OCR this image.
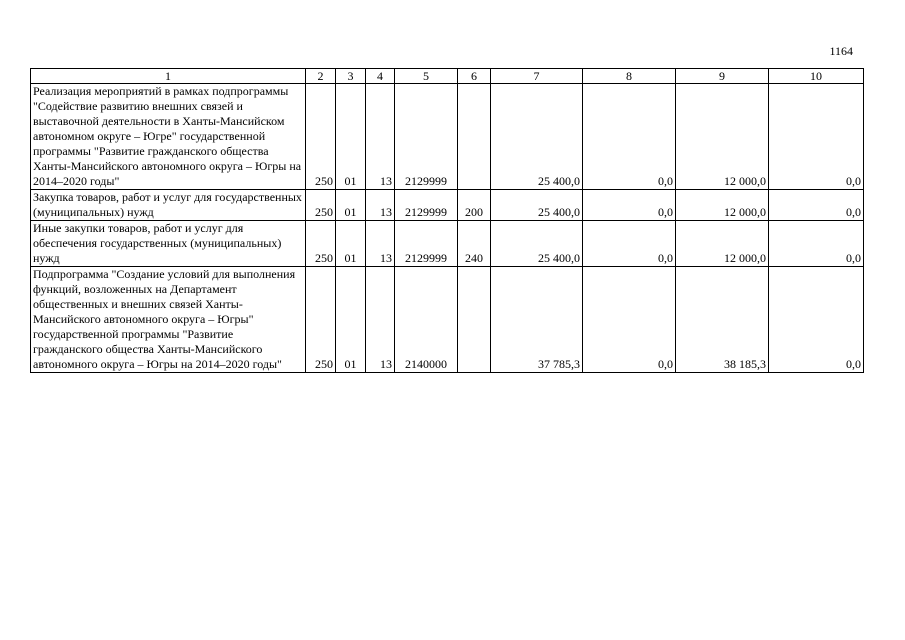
1164
1	2	3	4	5	6	7	8	9	10
Реализация мероприятий в рамках подпрограммы "Содействие развитию внешних связей и выставочной деятельности в Ханты-Мансийском автономном округе – Югре" государственной программы "Развитие гражданского общества Ханты-Мансийского автономного округа – Югры на 2014–2020 годы"	250	01	13	2129999		25 400,0	0,0	12 000,0	0,0
Закупка товаров, работ и услуг для государственных (муниципальных) нужд	250	01	13	2129999	200	25 400,0	0,0	12 000,0	0,0
Иные закупки товаров, работ и услуг для обеспечения государственных (муниципальных) нужд	250	01	13	2129999	240	25 400,0	0,0	12 000,0	0,0
Подпрограмма "Создание условий для выполнения функций, возложенных на Департамент общественных и внешних связей Ханты-Мансийского автономного округа – Югры" государственной программы "Развитие гражданского общества Ханты-Мансийского автономного округа – Югры на 2014–2020 годы"	250	01	13	2140000		37 785,3	0,0	38 185,3	0,0
